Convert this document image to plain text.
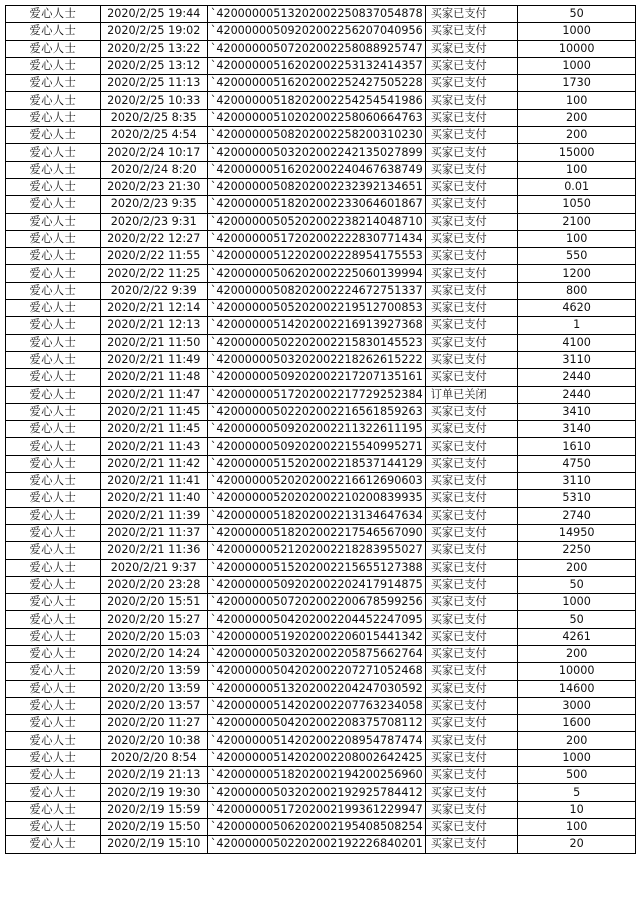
爱心人士	2020/2/25 19:44	`42000000513202002250837054878	买家已支付	50
爱心人士	2020/2/25 19:02	`42000000509202002256207040956	买家已支付	1000
爱心人士	2020/2/25 13:22	`42000000507202002258088925747	买家已支付	10000
爱心人士	2020/2/25 13:12	`42000000516202002253132414357	买家已支付	1000
爱心人士	2020/2/25 11:13	`42000000516202002252427505228	买家已支付	1730
爱心人士	2020/2/25 10:33	`42000000518202002254254541986	买家已支付	100
爱心人士	2020/2/25 8:35	`42000000510202002258060664763	买家已支付	200
爱心人士	2020/2/25 4:54	`42000000508202002258200310230	买家已支付	200
爱心人士	2020/2/24 10:17	`42000000503202002242135027899	买家已支付	15000
爱心人士	2020/2/24 8:20	`42000000516202002240467638749	买家已支付	100
爱心人士	2020/2/23 21:30	`42000000508202002232392134651	买家已支付	0.01
爱心人士	2020/2/23 9:35	`42000000518202002233064601867	买家已支付	1050
爱心人士	2020/2/23 9:31	`42000000505202002238214048710	买家已支付	2100
爱心人士	2020/2/22 12:27	`42000000517202002222830771434	买家已支付	100
爱心人士	2020/2/22 11:55	`42000000512202002228954175553	买家已支付	550
爱心人士	2020/2/22 11:25	`42000000506202002225060139994	买家已支付	1200
爱心人士	2020/2/22 9:39	`42000000508202002224672751337	买家已支付	800
爱心人士	2020/2/21 12:14	`42000000505202002219512700853	买家已支付	4620
爱心人士	2020/2/21 12:13	`42000000514202002216913927368	买家已支付	1
爱心人士	2020/2/21 11:50	`42000000502202002215830145523	买家已支付	4100
爱心人士	2020/2/21 11:49	`42000000503202002218262615222	买家已支付	3110
爱心人士	2020/2/21 11:48	`42000000509202002217207135161	买家已支付	2440
爱心人士	2020/2/21 11:47	`42000000517202002217729252384	订单已关闭	2440
爱心人士	2020/2/21 11:45	`42000000502202002216561859263	买家已支付	3410
爱心人士	2020/2/21 11:45	`42000000509202002211322611195	买家已支付	3140
爱心人士	2020/2/21 11:43	`42000000509202002215540995271	买家已支付	1610
爱心人士	2020/2/21 11:42	`42000000515202002218537144129	买家已支付	4750
爱心人士	2020/2/21 11:41	`42000000520202002216612690603	买家已支付	3110
爱心人士	2020/2/21 11:40	`42000000520202002210200839935	买家已支付	5310
爱心人士	2020/2/21 11:39	`42000000518202002213134647634	买家已支付	2740
爱心人士	2020/2/21 11:37	`42000000518202002217546567090	买家已支付	14950
爱心人士	2020/2/21 11:36	`42000000521202002218283955027	买家已支付	2250
爱心人士	2020/2/21 9:37	`42000000515202002215655127388	买家已支付	200
爱心人士	2020/2/20 23:28	`42000000509202002202417914875	买家已支付	50
爱心人士	2020/2/20 15:51	`42000000507202002200678599256	买家已支付	1000
爱心人士	2020/2/20 15:27	`42000000504202002204452247095	买家已支付	50
爱心人士	2020/2/20 15:03	`42000000519202002206015441342	买家已支付	4261
爱心人士	2020/2/20 14:24	`42000000503202002205875662764	买家已支付	200
爱心人士	2020/2/20 13:59	`42000000504202002207271052468	买家已支付	10000
爱心人士	2020/2/20 13:59	`42000000513202002204247030592	买家已支付	14600
爱心人士	2020/2/20 13:57	`42000000514202002207763234058	买家已支付	3000
爱心人士	2020/2/20 11:27	`42000000504202002208375708112	买家已支付	1600
爱心人士	2020/2/20 10:38	`42000000514202002208954787474	买家已支付	200
爱心人士	2020/2/20 8:54	`42000000514202002208002642425	买家已支付	1000
爱心人士	2020/2/19 21:13	`42000000518202002194200256960	买家已支付	500
爱心人士	2020/2/19 19:30	`42000000503202002192925784412	买家已支付	5
爱心人士	2020/2/19 15:59	`42000000517202002199361229947	买家已支付	10
爱心人士	2020/2/19 15:50	`42000000506202002195408508254	买家已支付	100
爱心人士	2020/2/19 15:10	`42000000502202002192226840201	买家已支付	20
